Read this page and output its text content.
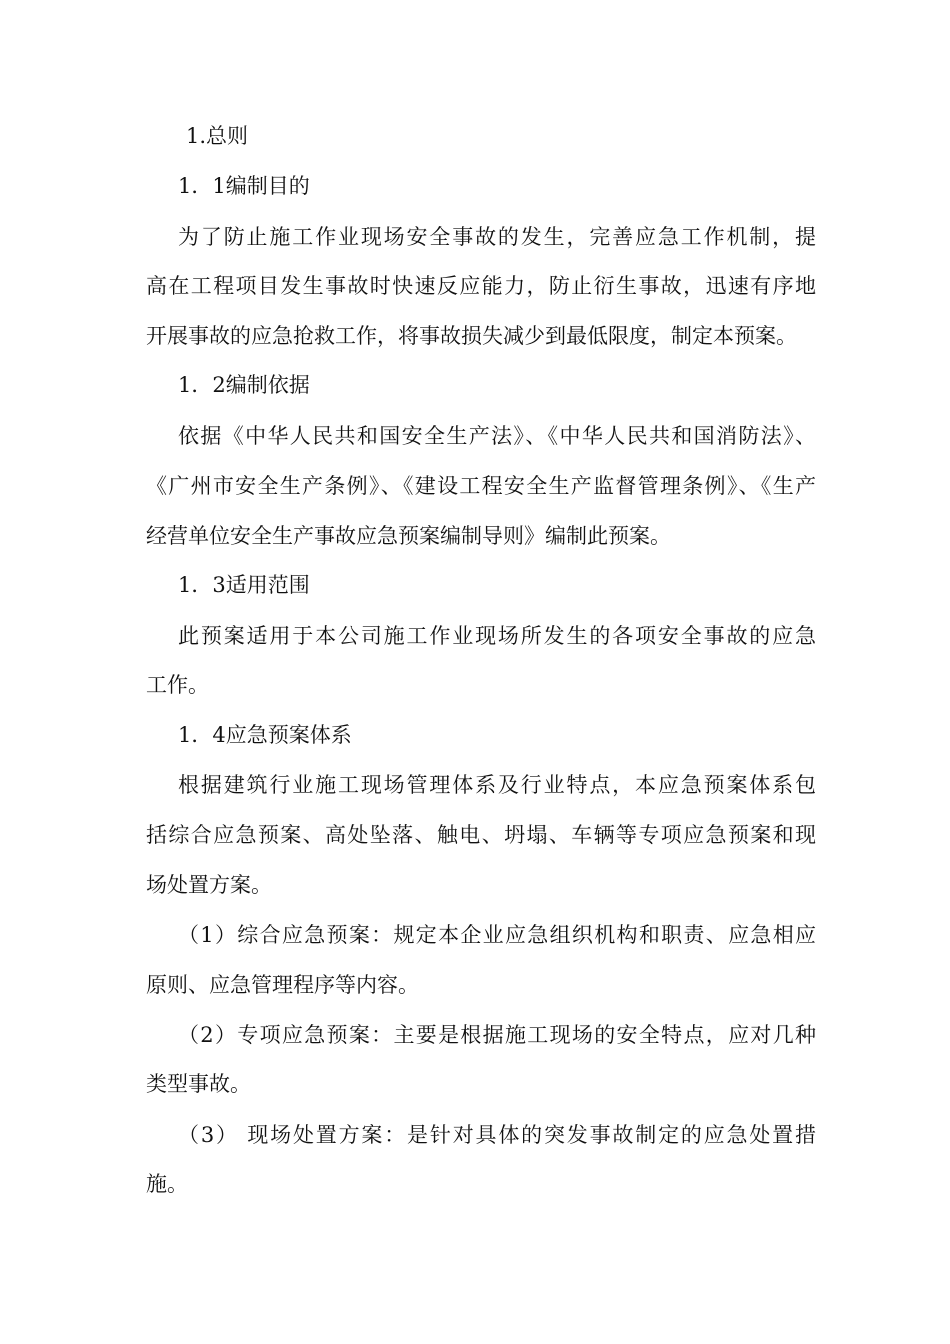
1.总则
1．1编制目的
为了防止施工作业现场安全事故的发生，完善应急工作机制，提
高在工程项目发生事故时快速反应能力，防止衍生事故，迅速有序地
开展事故的应急抢救工作，将事故损失减少到最低限度，制定本预案。
1．2编制依据
依据《中华人民共和国安全生产法》、《中华人民共和国消防法》、
《广州市安全生产条例》、《建设工程安全生产监督管理条例》、《生产
经营单位安全生产事故应急预案编制导则》编制此预案。
1．3适用范围
此预案适用于本公司施工作业现场所发生的各项安全事故的应急
工作。
1．4应急预案体系
根据建筑行业施工现场管理体系及行业特点，本应急预案体系包
括综合应急预案、高处坠落、触电、坍塌、车辆等专项应急预案和现
场处置方案。
（1）综合应急预案：规定本企业应急组织机构和职责、应急相应
原则、应急管理程序等内容。
（2）专项应急预案：主要是根据施工现场的安全特点，应对几种
类型事故。
（3） 现场处置方案：是针对具体的突发事故制定的应急处置措
施。
